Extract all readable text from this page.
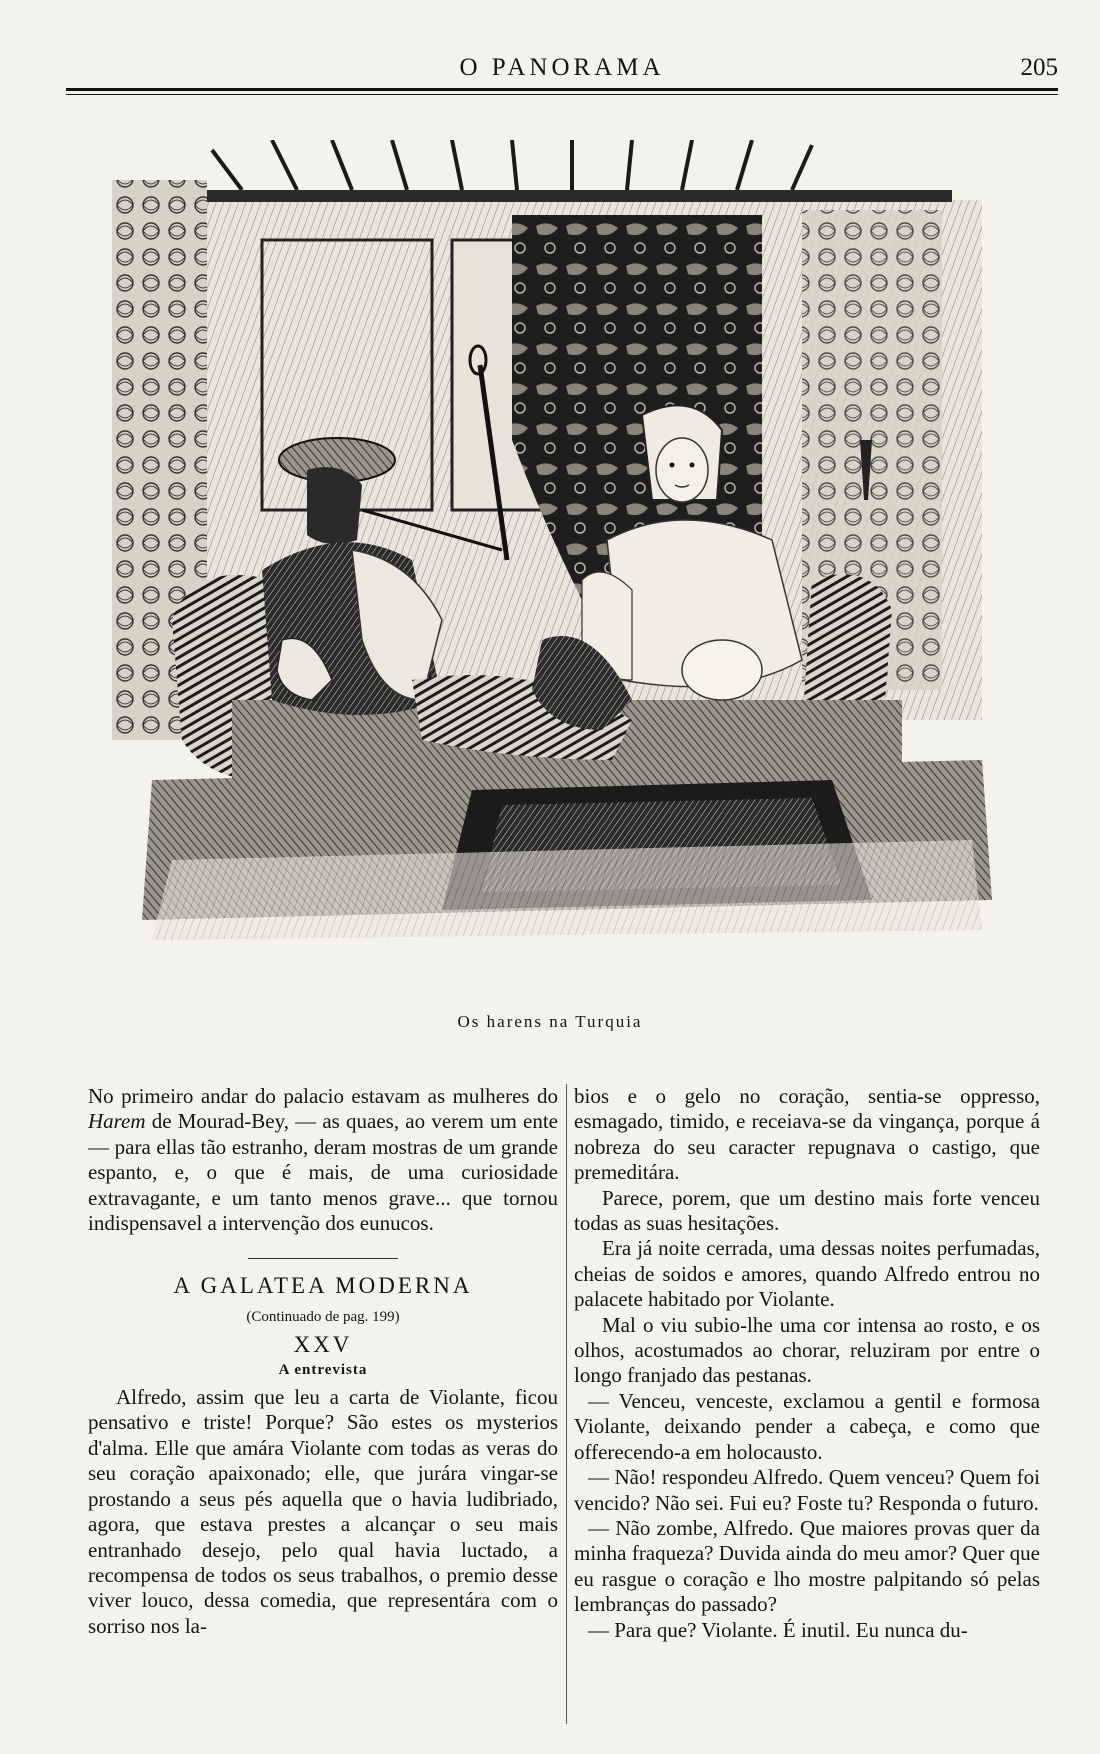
O PANORAMA	205
Os harens na Turquia

No primeiro andar do palacio estavam as mulheres do Harem de Mourad-Bey, — as quaes, ao verem um ente — para ellas tão estranho, deram mostras de um grande espanto, e, o que é mais, de uma curiosidade extravagante, e um tanto menos grave... que tornou indispensavel a intervenção dos eunucos.

A GALATEA MODERNA
(Continuado de pag. 199)
XXV
A entrevista

Alfredo, assim que leu a carta de Violante, ficou pensativo e triste! Porque? São estes os mysterios d'alma. Elle que amára Violante com todas as veras do seu coração apaixonado; elle, que jurára vingar-se prostando a seus pés aquella que o havia ludibriado, agora, que estava prestes a alcançar o seu mais entranhado desejo, pelo qual havia luctado, a recompensa de todos os seus trabalhos, o premio desse viver louco, dessa comedia, que representára com o sorriso nos la-

bios e o gelo no coração, sentia-se oppresso, esmagado, timido, e receiava-se da vingança, porque á nobreza do seu caracter repugnava o castigo, que premeditára.

Parece, porem, que um destino mais forte venceu todas as suas hesitações.

Era já noite cerrada, uma dessas noites perfumadas, cheias de soidos e amores, quando Alfredo entrou no palacete habitado por Violante.

Mal o viu subio-lhe uma cor intensa ao rosto, e os olhos, acostumados ao chorar, reluziram por entre o longo franjado das pestanas.

— Venceu, venceste, exclamou a gentil e formosa Violante, deixando pender a cabeça, e como que offerecendo-a em holocausto.

— Não! respondeu Alfredo. Quem venceu? Quem foi vencido? Não sei. Fui eu? Foste tu? Responda o futuro.

— Não zombe, Alfredo. Que maiores provas quer da minha fraqueza? Duvida ainda do meu amor? Quer que eu rasgue o coração e lho mostre palpitando só pelas lembranças do passado?

— Para que? Violante. É inutil. Eu nunca du-
